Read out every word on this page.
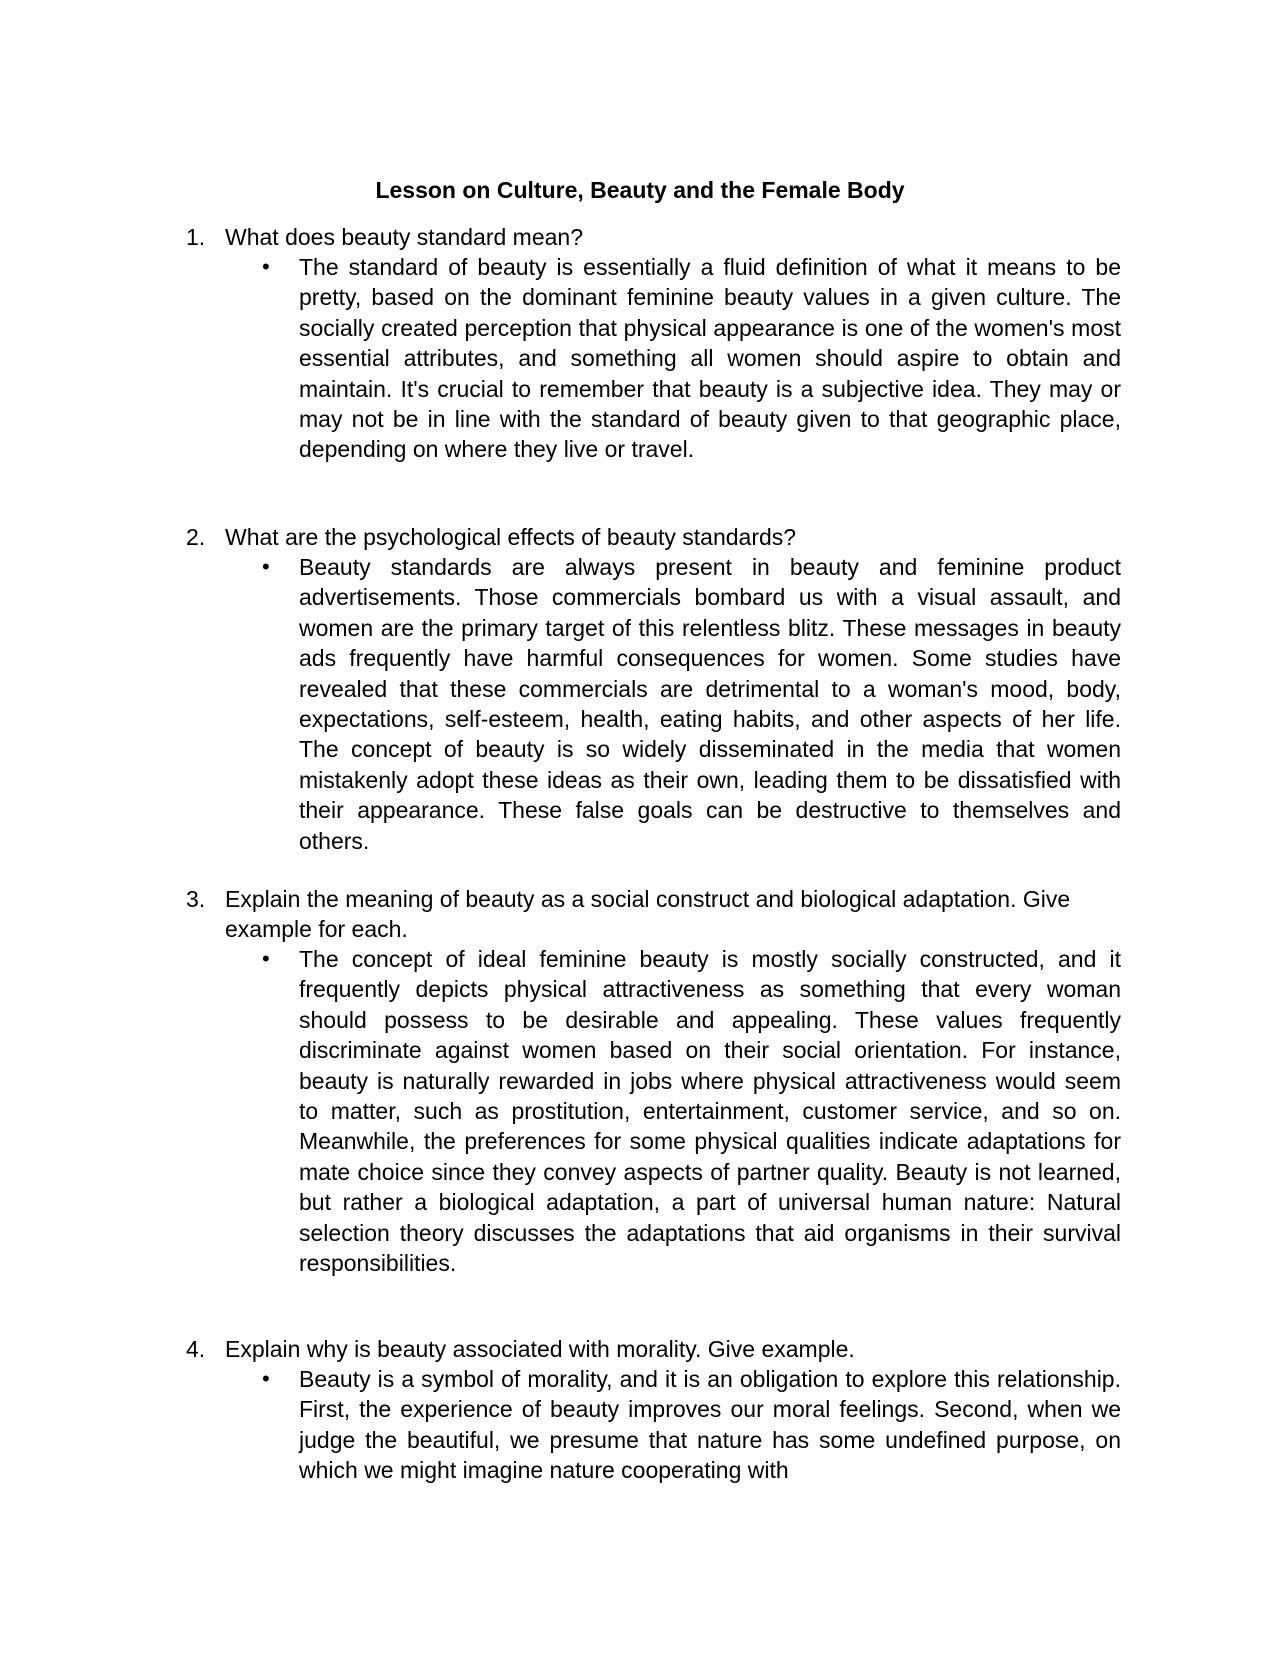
Lesson on Culture, Beauty and the Female Body
1. What does beauty standard mean?
• The standard of beauty is essentially a fluid definition of what it means to be pretty, based on the dominant feminine beauty values in a given culture. The socially created perception that physical appearance is one of the women's most essential attributes, and something all women should aspire to obtain and maintain. It's crucial to remember that beauty is a subjective idea. They may or may not be in line with the standard of beauty given to that geographic place, depending on where they live or travel.
2. What are the psychological effects of beauty standards?
• Beauty standards are always present in beauty and feminine product advertisements. Those commercials bombard us with a visual assault, and women are the primary target of this relentless blitz. These messages in beauty ads frequently have harmful consequences for women. Some studies have revealed that these commercials are detrimental to a woman's mood, body, expectations, self-esteem, health, eating habits, and other aspects of her life. The concept of beauty is so widely disseminated in the media that women mistakenly adopt these ideas as their own, leading them to be dissatisfied with their appearance. These false goals can be destructive to themselves and others.
3. Explain the meaning of beauty as a social construct and biological adaptation. Give example for each.
• The concept of ideal feminine beauty is mostly socially constructed, and it frequently depicts physical attractiveness as something that every woman should possess to be desirable and appealing. These values frequently discriminate against women based on their social orientation. For instance, beauty is naturally rewarded in jobs where physical attractiveness would seem to matter, such as prostitution, entertainment, customer service, and so on. Meanwhile, the preferences for some physical qualities indicate adaptations for mate choice since they convey aspects of partner quality. Beauty is not learned, but rather a biological adaptation, a part of universal human nature: Natural selection theory discusses the adaptations that aid organisms in their survival responsibilities.
4. Explain why is beauty associated with morality. Give example.
• Beauty is a symbol of morality, and it is an obligation to explore this relationship. First, the experience of beauty improves our moral feelings. Second, when we judge the beautiful, we presume that nature has some undefined purpose, on which we might imagine nature cooperating with
